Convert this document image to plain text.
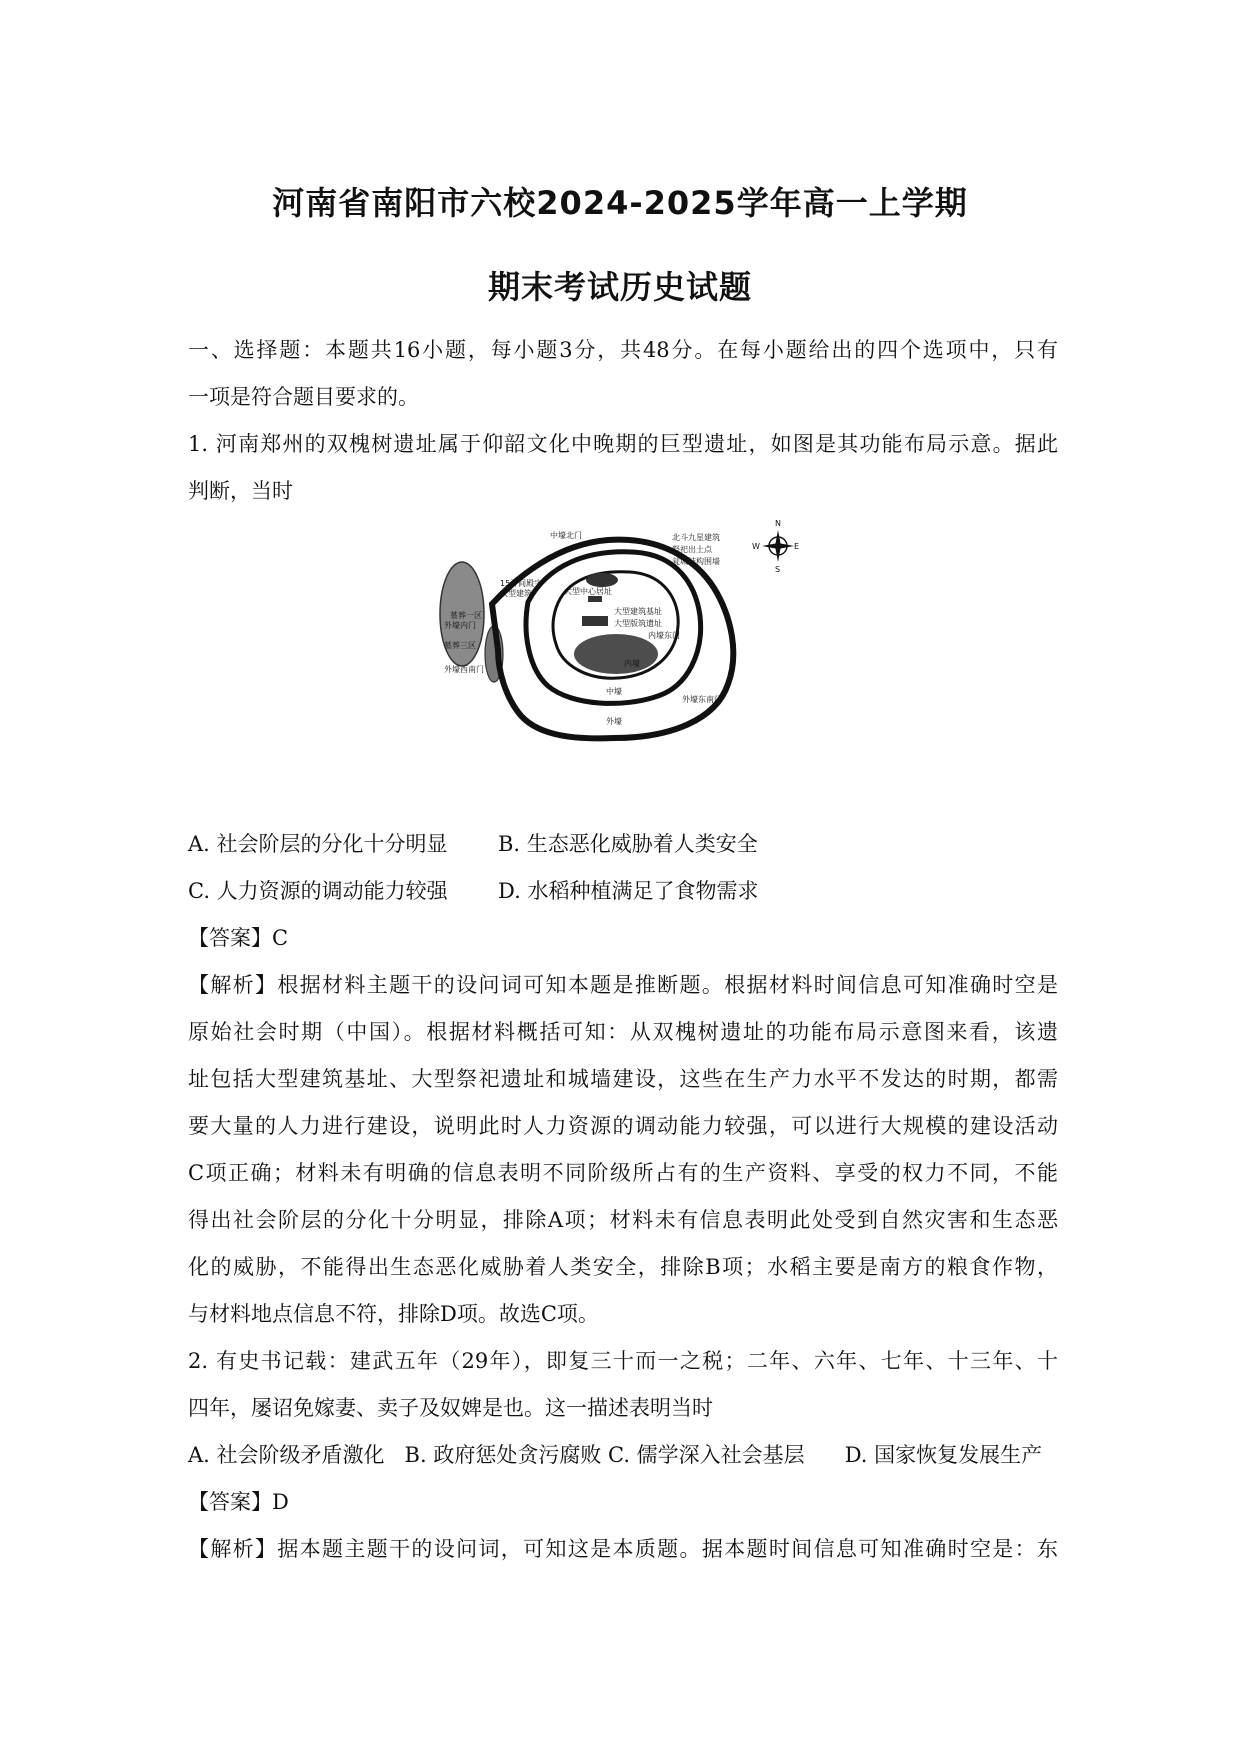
河南省南阳市六校2024-2025学年高一上学期
期末考试历史试题
一、选择题：本题共16小题，每小题3分，共48分。在每小题给出的四个选项中，只有
一项是符合题目要求的。
1. 河南郑州的双槐树遗址属于仰韶文化中晚期的巨型遗址，如图是其功能布局示意。据此
判断，当时
N
S
W	E
墓葬一区
中壕北门	北斗九星建筑
祭祀出土点
瓮城结构围墙
15开间殿宇
大型建筑	大型中心居址
大型建筑基址
大型版筑遗址
外壕内门
墓葬三区
内壕东门
外壕西南门
内壕
中壕
外壕东南门
外壕
A. 社会阶层的分化十分明显 B. 生态恶化威胁着人类安全
C. 人力资源的调动能力较强 D. 水稻种植满足了食物需求
【答案】C
【解析】根据材料主题干的设问词可知本题是推断题。根据材料时间信息可知准确时空是
原始社会时期（中国）。根据材料概括可知：从双槐树遗址的功能布局示意图来看，该遗
址包括大型建筑基址、大型祭祀遗址和城墙建设，这些在生产力水平不发达的时期，都需
要大量的人力进行建设，说明此时人力资源的调动能力较强，可以进行大规模的建设活动
C项正确；材料未有明确的信息表明不同阶级所占有的生产资料、享受的权力不同，不能
得出社会阶层的分化十分明显，排除A项；材料未有信息表明此处受到自然灾害和生态恶
化的威胁，不能得出生态恶化威胁着人类安全，排除B项；水稻主要是南方的粮食作物，
与材料地点信息不符，排除D项。故选C项。
2. 有史书记载：建武五年（29年），即复三十而一之税；二年、六年、七年、十三年、十
四年，屡诏免嫁妻、卖子及奴婢是也。这一描述表明当时
A. 社会阶级矛盾激化   B. 政府惩处贪污腐败 C. 儒学深入社会基层      D. 国家恢复发展生产
【答案】D
【解析】据本题主题干的设问词，可知这是本质题。据本题时间信息可知准确时空是：东
